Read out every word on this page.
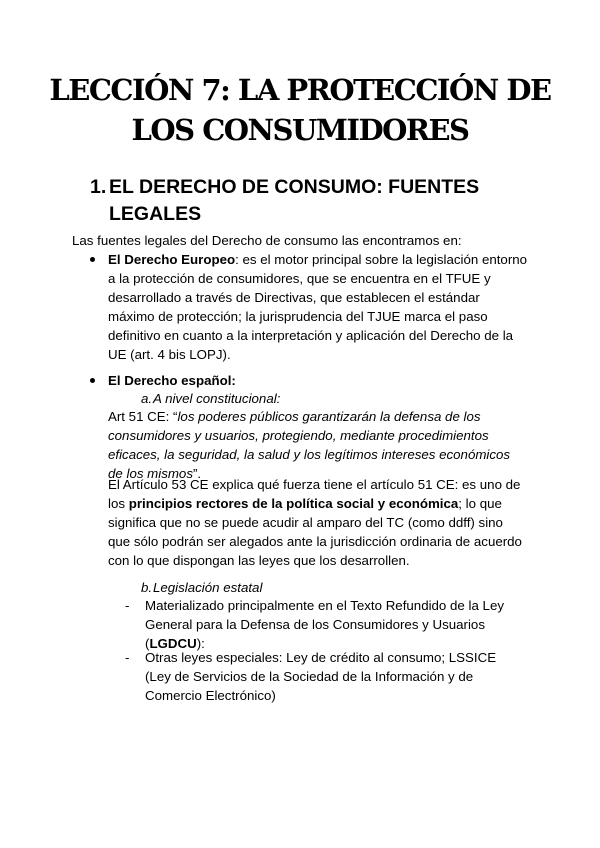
LECCIÓN 7: LA PROTECCIÓN DE LOS CONSUMIDORES
1. EL DERECHO DE CONSUMO: FUENTES LEGALES

Las fuentes legales del Derecho de consumo las encontramos en:

El Derecho Europeo: es el motor principal sobre la legislación entorno a la protección de consumidores, que se encuentra en el TFUE y desarrollado a través de Directivas, que establecen el estándar máximo de protección; la jurisprudencia del TJUE marca el paso definitivo en cuanto a la interpretación y aplicación del Derecho de la UE (art. 4 bis LOPJ).
El Derecho español:
a. A nivel constitucional:

Art 51 CE: “los poderes públicos garantizarán la defensa de los consumidores y usuarios, protegiendo, mediante procedimientos eficaces, la seguridad, la salud y los legítimos intereses económicos de los mismos”.

El Artículo 53 CE explica qué fuerza tiene el artículo 51 CE: es uno de los principios rectores de la política social y económica; lo que significa que no se puede acudir al amparo del TC (como ddff) sino que sólo podrán ser alegados ante la jurisdicción ordinaria de acuerdo con lo que dispongan las leyes que los desarrollen.

b. Legislación estatal
- Materializado principalmente en el Texto Refundido de la Ley General para la Defensa de los Consumidores y Usuarios (LGDCU):
- Otras leyes especiales: Ley de crédito al consumo; LSSICE (Ley de Servicios de la Sociedad de la Información y de Comercio Electrónico)
